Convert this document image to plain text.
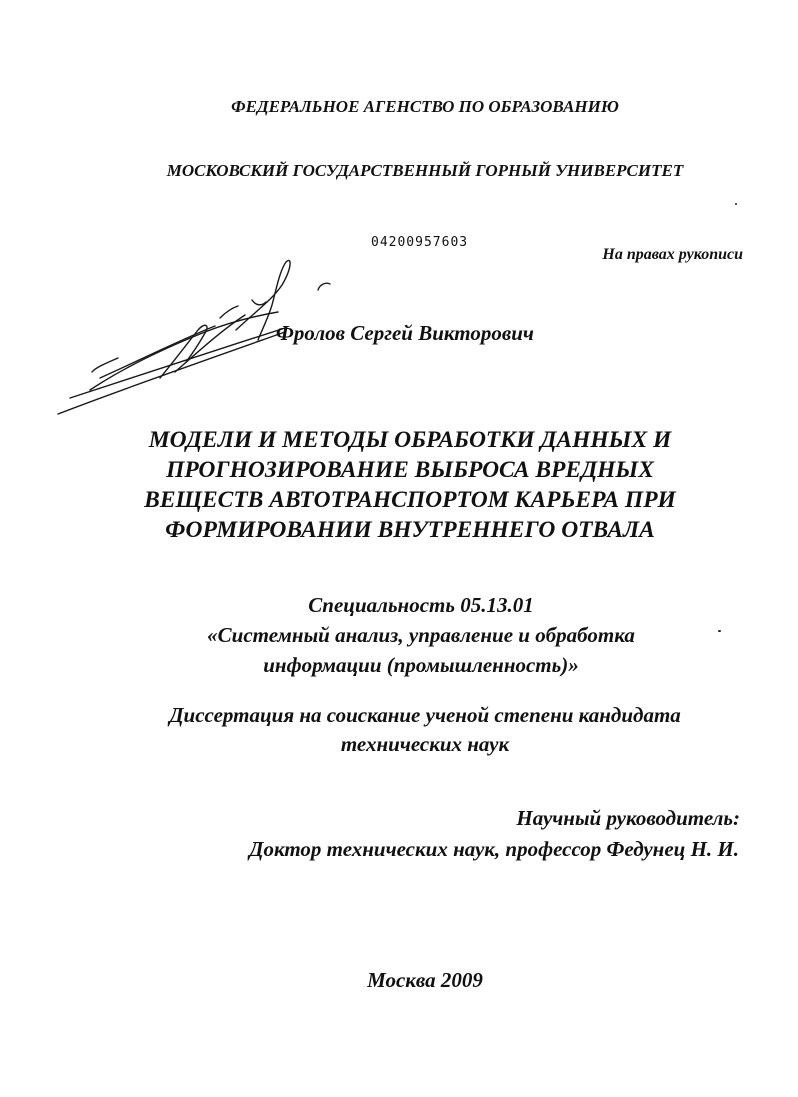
ФЕДЕРАЛЬНОЕ АГЕНСТВО ПО ОБРАЗОВАНИЮ
МОСКОВСКИЙ ГОСУДАРСТВЕННЫЙ ГОРНЫЙ УНИВЕРСИТЕТ
04200957603
На правах рукописи
Фролов Сергей Викторович
МОДЕЛИ И МЕТОДЫ ОБРАБОТКИ ДАННЫХ И
ПРОГНОЗИРОВАНИЕ ВЫБРОСА ВРЕДНЫХ
ВЕЩЕСТВ АВТОТРАНСПОРТОМ КАРЬЕРА ПРИ
ФОРМИРОВАНИИ ВНУТРЕННЕГО ОТВАЛА
Специальность 05.13.01
«Системный анализ, управление и обработка
информации (промышленность)»
Диссертация на соискание ученой степени кандидата
технических наук
Научный руководитель:
Доктор технических наук, профессор Федунец Н. И.
Москва 2009
